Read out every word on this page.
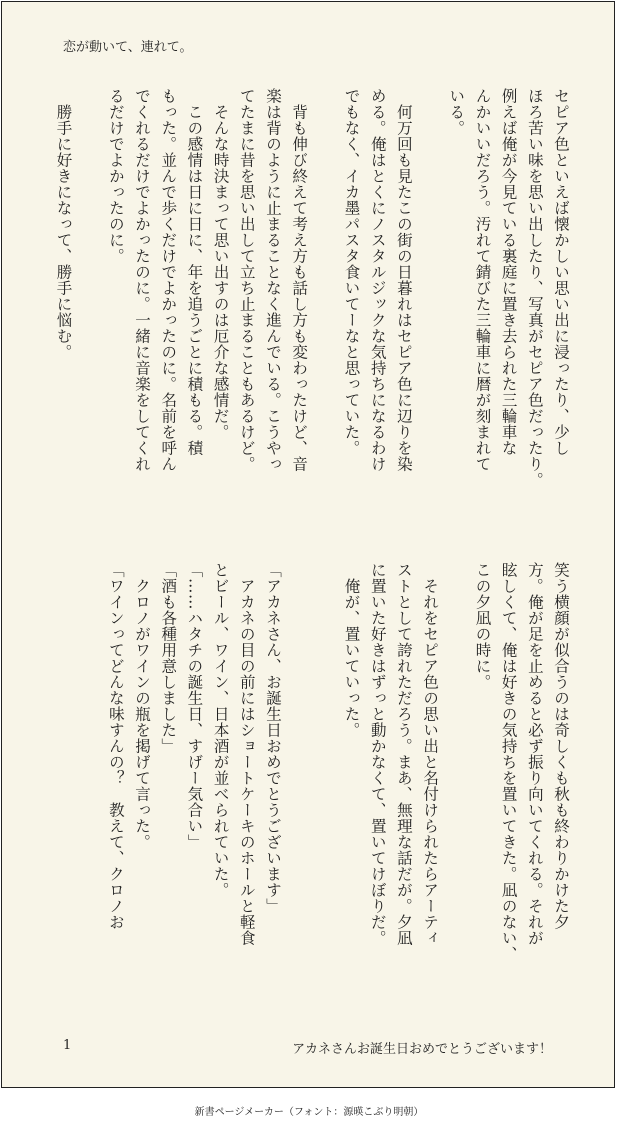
恋が動いて、連れて。
セピア色といえば懐かしい思い出に浸ったり、少し
ほろ苦い味を思い出したり、写真がセピア色だったり。
例えば俺が今見ている裏庭に置き去られた三輪車な
んかいいだろう。汚れて錆びた三輪車に暦が刻まれて
いる。
　何万回も見たこの街の日暮れはセピア色に辺りを染
める。俺はとくにノスタルジックな気持ちになるわけ
でもなく、イカ墨パスタ食いてーなと思っていた。
　背も伸び終えて考え方も話し方も変わったけど、音
楽は背のように止まることなく進んでいる。こうやっ
てたまに昔を思い出して立ち止まることもあるけど。
　そんな時決まって思い出すのは厄介な感情だ。
　この感情は日に日に、年を追うごとに積もる。積
もった。並んで歩くだけでよかったのに。名前を呼ん
でくれるだけでよかったのに。一緒に音楽をしてくれ
るだけでよかったのに。
　勝手に好きになって、勝手に悩む。
笑う横顔が似合うのは奇しくも秋も終わりかけた夕
方。俺が足を止めると必ず振り向いてくれる。それが
眩しくて、俺は好きの気持ちを置いてきた。凪のない、
この夕凪の時に。
　それをセピア色の思い出と名付けられたらアーティ
ストとして誇れただろう。まあ、無理な話だが。夕凪
に置いた好きはずっと動かなくて、置いてけぼりだ。
　俺が、置いていった。
「アカネさん、お誕生日おめでとうございます」
　アカネの目の前にはショートケーキのホールと軽食
とビール、ワイン、日本酒が並べられていた。
「……ハタチの誕生日、すげー気合い」
「酒も各種用意しました」
　クロノがワインの瓶を掲げて言った。
「ワインってどんな味すんの？　教えて、クロノお
1	アカネさんお誕生日おめでとうございます！
新書ページメーカー（フォント：源暎こぶり明朝）
